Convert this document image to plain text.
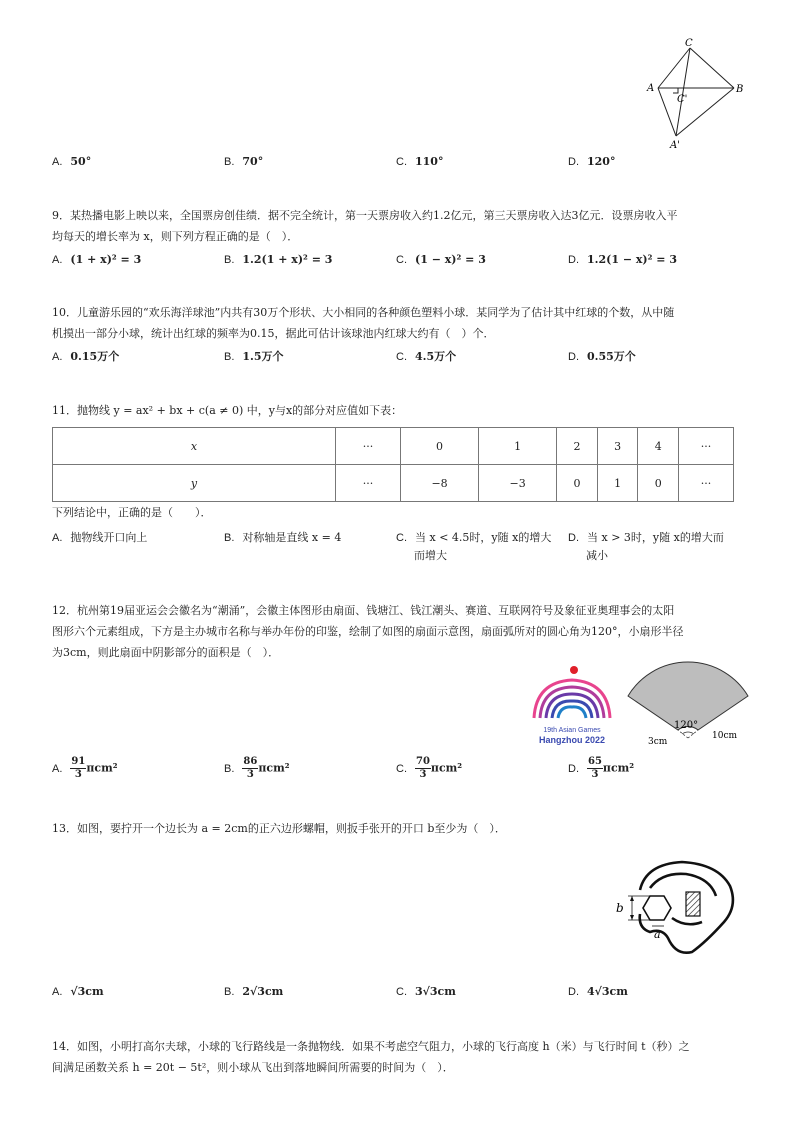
C
A
C'
B
A'
A. 50°	B. 70°	C. 110°	D. 120°
9．某热播电影上映以来，全国票房创佳绩．据不完全统计，第一天票房收入约1.2亿元，第三天票房收入达3亿元．设票房收入平
均每天的增长率为 x，则下列方程正确的是（　）．
A. (1 + x)² = 3	B. 1.2(1 + x)² = 3	C. (1 − x)² = 3	D. 1.2(1 − x)² = 3
10．儿童游乐园的“欢乐海洋球池”内共有30万个形状、大小相同的各种颜色塑料小球．某同学为了估计其中红球的个数，从中随
机摸出一部分小球，统计出红球的频率为0.15，据此可估计该球池内红球大约有（　）个．
A. 0.15万个	B. 1.5万个	C. 4.5万个	D. 0.55万个
11．抛物线 y = ax² + bx + c(a ≠ 0) 中，y与x的部分对应值如下表：
x	···	0	1	2	3	4	···
y	···	−8	−3	0	1	0	···
下列结论中，正确的是（　　）．
A. 抛物线开口向上	B. 对称轴是直线 x = 4	C. 当 x < 4.5时，y随 x的增大
而增大
D. 当 x > 3时，y随 x的增大而
减小
12．杭州第19届亚运会会徽名为“潮涌”，会徽主体图形由扇面、钱塘江、钱江潮头、赛道、互联网符号及象征亚奥理事会的太阳
图形六个元素组成，下方是主办城市名称与举办年份的印鉴，绘制了如图的扇面示意图，扇面弧所对的圆心角为120°，小扇形半径
为3cm，则此扇面中阴影部分的面积是（　）．
19th Asian Games
Hangzhou 2022
120°
3cm
10cm
A. $\frac{91}{3} \pi cm^2$	B. $\frac{86}{3} \pi cm^2$	C. $\frac{70}{3} \pi cm^2$	D. $\frac{65}{3} \pi cm^2$
13．如图，要拧开一个边长为 a = 2cm的正六边形螺帽，则扳手张开的开口 b至少为（　）．
b
a
A. √3cm	B. 2√3cm	C. 3√3cm	D. 4√3cm
14．如图，小明打高尔夫球，小球的飞行路线是一条抛物线．如果不考虑空气阻力，小球的飞行高度 h（米）与飞行时间 t（秒）之
间满足函数关系 h = 20t − 5t²，则小球从飞出到落地瞬间所需要的时间为（　）．
